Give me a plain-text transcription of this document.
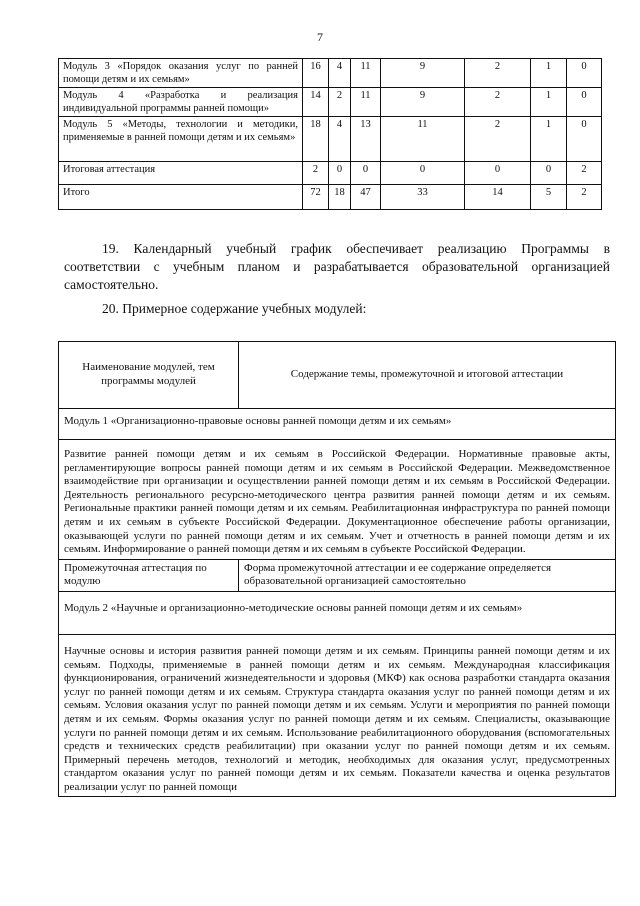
7
Модуль 3 «Порядок оказания услуг по ранней помощи детям и их семьям»	16	4	11	9	2	1	0
Модуль 4 «Разработка и реализация индивидуальной программы ранней помощи»	14	2	11	9	2	1	0
Модуль 5 «Методы, технологии и методики, применяемые в ранней помощи детям и их семьям»	18	4	13	11	2	1	0
Итоговая аттестация	2	0	0	0	0	0	2
Итого	72	18	47	33	14	5	2
19. Календарный учебный график обеспечивает реализацию Программы в соответствии с учебным планом и разрабатывается образовательной организацией самостоятельно.
20. Примерное содержание учебных модулей:
Наименование модулей, тем программы модулей	Содержание темы, промежуточной и итоговой аттестации
Модуль 1 «Организационно-правовые основы ранней помощи детям и их семьям»	
Развитие ранней помощи детям и их семьям в Российской Федерации. Нормативные правовые акты, регламентирующие вопросы ранней помощи детям и их семьям в Российской Федерации. Межведомственное взаимодействие при организации и осуществлении ранней помощи детям и их семьям в Российской Федерации. Деятельность регионального ресурсно-методического центра развития ранней помощи детям и их семьям. Региональные практики ранней помощи детям и их семьям. Реабилитационная инфраструктура по ранней помощи детям и их семьям в субъекте Российской Федерации. Документационное обеспечение работы организации, оказывающей услуги по ранней помощи детям и их семьям. Учет и отчетность в ранней помощи детям и их семьям. Информирование о ранней помощи детям и их семьям в субъекте Российской Федерации.	
Промежуточная аттестация по модулю	Форма промежуточной аттестации и ее содержание определяется образовательной организацией самостоятельно
Модуль 2 «Научные и организационно-методические основы ранней помощи детям и их семьям»	
Научные основы и история развития ранней помощи детям и их семьям. Принципы ранней помощи детям и их семьям. Подходы, применяемые в ранней помощи детям и их семьям. Международная классификация функционирования, ограничений жизнедеятельности и здоровья (МКФ) как основа разработки стандарта оказания услуг по ранней помощи детям и их семьям. Структура стандарта оказания услуг по ранней помощи детям и их семьям. Условия оказания услуг по ранней помощи детям и их семьям. Услуги и мероприятия по ранней помощи детям и их семьям. Формы оказания услуг по ранней помощи детям и их семьям. Специалисты, оказывающие услуги по ранней помощи детям и их семьям. Использование реабилитационного оборудования (вспомогательных средств и технических средств реабилитации) при оказании услуг по ранней помощи детям и их семьям. Примерный перечень методов, технологий и методик, необходимых для оказания услуг, предусмотренных стандартом оказания услуг по ранней помощи детям и их семьям. Показатели качества и оценка результатов реализации услуг по ранней помощи	
